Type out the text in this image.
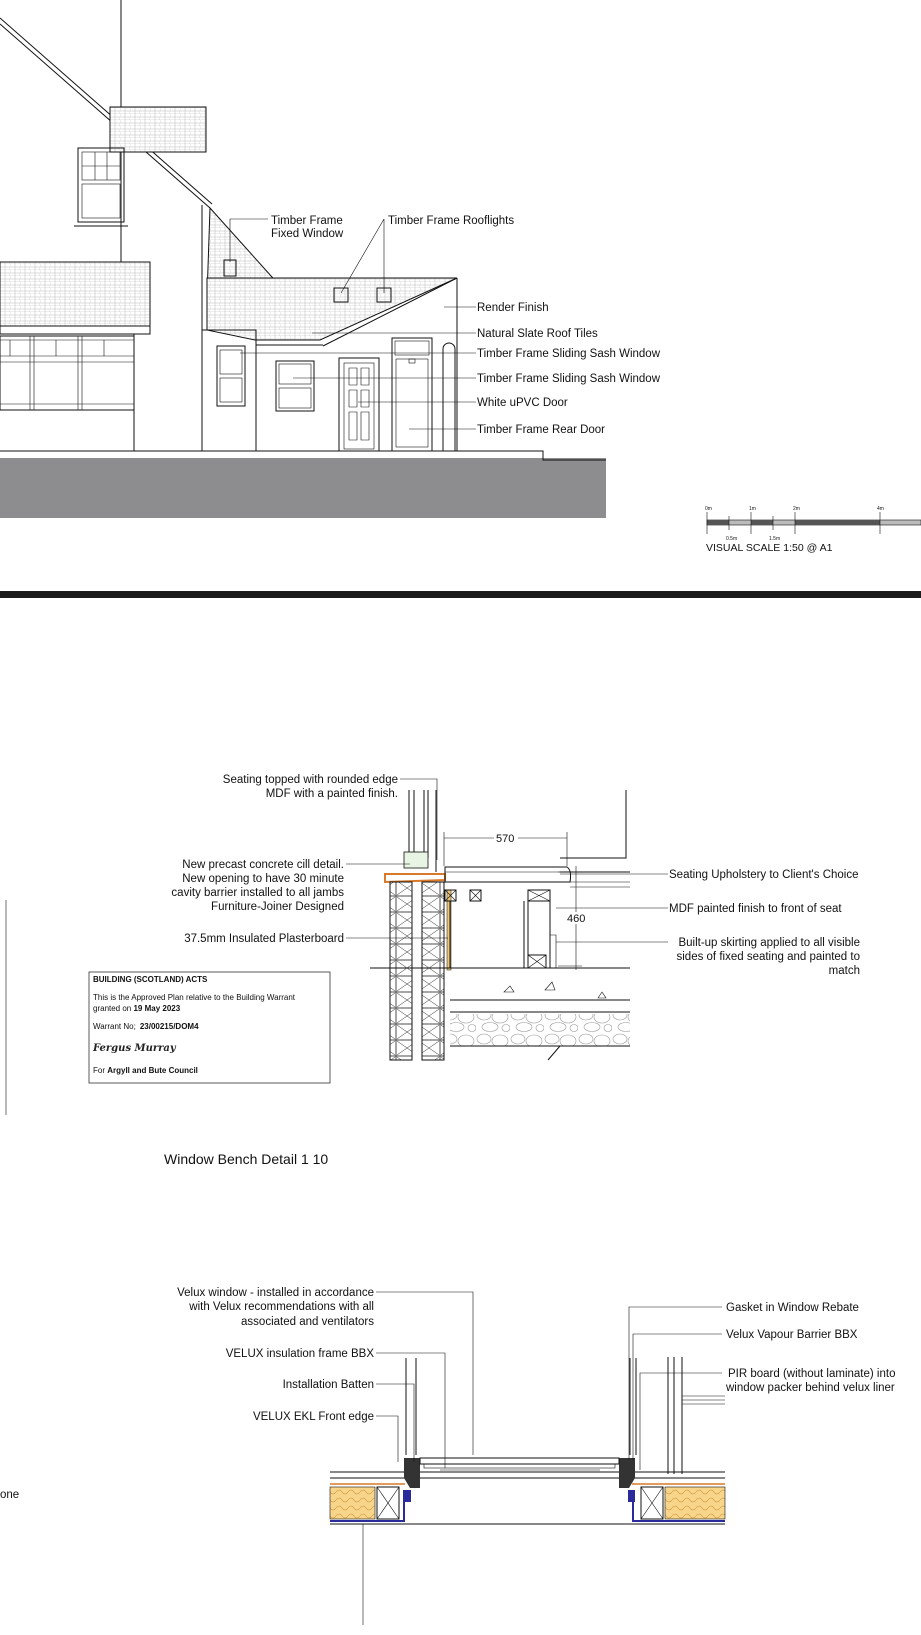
Timber Frame Fixed Window
Timber Frame Rooflights
Render Finish
Natural Slate Roof Tiles
Timber Frame Sliding Sash Window
Timber Frame Sliding Sash Window
White uPVC Door
Timber Frame Rear Door
0m
0.5m
1m
1.5m
2m	4m
VISUAL SCALE 1:50 @ A1
570
460
Seating topped with rounded edge MDF with a painted finish.
New precast concrete cill detail. New opening to have 30 minute cavity barrier installed to all jambs Furniture-Joiner Designed
37.5mm Insulated Plasterboard
Seating Upholstery to Client's Choice
MDF painted finish to front of seat
Built-up skirting applied to all visible sides of fixed seating and painted to match
Window Bench Detail 1 10
BUILDING (SCOTLAND) ACTS
This is the Approved Plan relative to the Building Warrant
granted on 19 May 2023
Warrant No; 23/00215/DOM4
Fergus Murray
For Argyll and Bute Council
Velux window - installed in accordance with Velux recommendations with all associated and ventilators
VELUX insulation frame BBX
Installation Batten
VELUX EKL Front edge
Gasket in Window Rebate
Velux Vapour Barrier BBX
PIR board (without laminate) into window packer behind velux liner
one
